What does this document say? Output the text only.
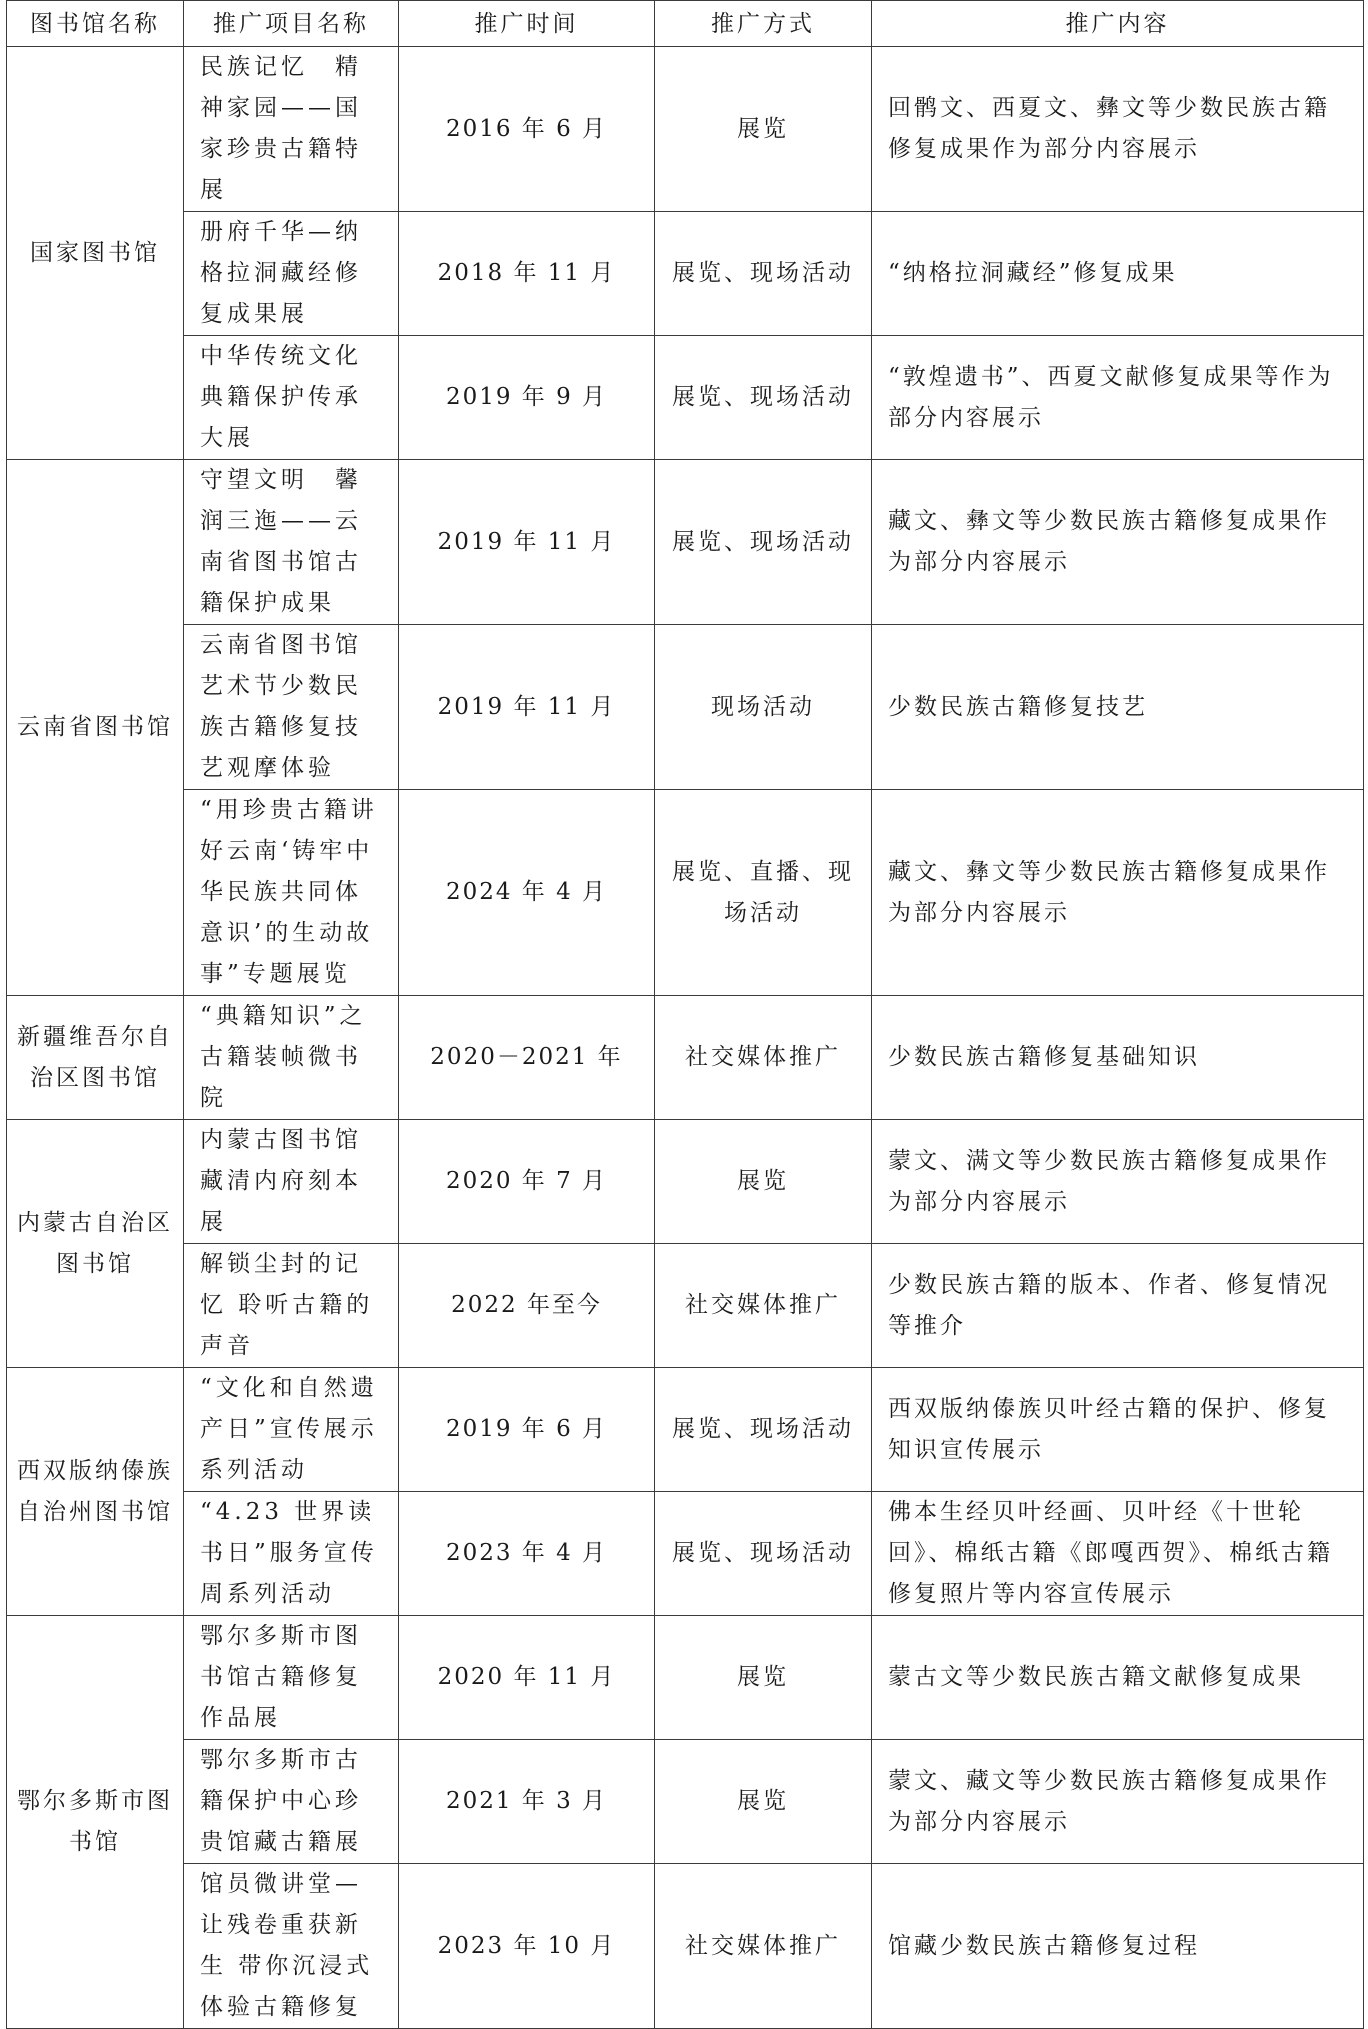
图书馆名称	推广项目名称	推广时间	推广方式	推广内容
国家图书馆	民族记忆　精神家园——国家珍贵古籍特展	2016 年 6 月	展览	回鹘文、西夏文、彝文等少数民族古籍修复成果作为部分内容展示
	册府千华—纳格拉洞藏经修复成果展	2018 年 11 月	展览、现场活动	“纳格拉洞藏经”修复成果
	中华传统文化典籍保护传承大展	2019 年 9 月	展览、现场活动	“敦煌遗书”、西夏文献修复成果等作为部分内容展示
云南省图书馆	守望文明　馨润三迤——云南省图书馆古籍保护成果	2019 年 11 月	展览、现场活动	藏文、彝文等少数民族古籍修复成果作为部分内容展示
	云南省图书馆艺术节少数民族古籍修复技艺观摩体验	2019 年 11 月	现场活动	少数民族古籍修复技艺
	“用珍贵古籍讲好云南‘铸牢中华民族共同体意识’的生动故事”专题展览	2024 年 4 月	展览、直播、现场活动	藏文、彝文等少数民族古籍修复成果作为部分内容展示
新疆维吾尔自治区图书馆	“典籍知识”之古籍装帧微书院	2020－2021 年	社交媒体推广	少数民族古籍修复基础知识
内蒙古自治区图书馆	内蒙古图书馆藏清内府刻本展	2020 年 7 月	展览	蒙文、满文等少数民族古籍修复成果作为部分内容展示
	解锁尘封的记忆 聆听古籍的声音	2022 年至今	社交媒体推广	少数民族古籍的版本、作者、修复情况等推介
西双版纳傣族自治州图书馆	“文化和自然遗产日”宣传展示系列活动	2019 年 6 月	展览、现场活动	西双版纳傣族贝叶经古籍的保护、修复知识宣传展示
	“4.23 世界读书日”服务宣传周系列活动	2023 年 4 月	展览、现场活动	佛本生经贝叶经画、贝叶经《十世轮回》、棉纸古籍《郎嘎西贺》、棉纸古籍修复照片等内容宣传展示
鄂尔多斯市图书馆	鄂尔多斯市图书馆古籍修复作品展	2020 年 11 月	展览	蒙古文等少数民族古籍文献修复成果
	鄂尔多斯市古籍保护中心珍贵馆藏古籍展	2021 年 3 月	展览	蒙文、藏文等少数民族古籍修复成果作为部分内容展示
	馆员微讲堂—让残卷重获新生 带你沉浸式体验古籍修复	2023 年 10 月	社交媒体推广	馆藏少数民族古籍修复过程
